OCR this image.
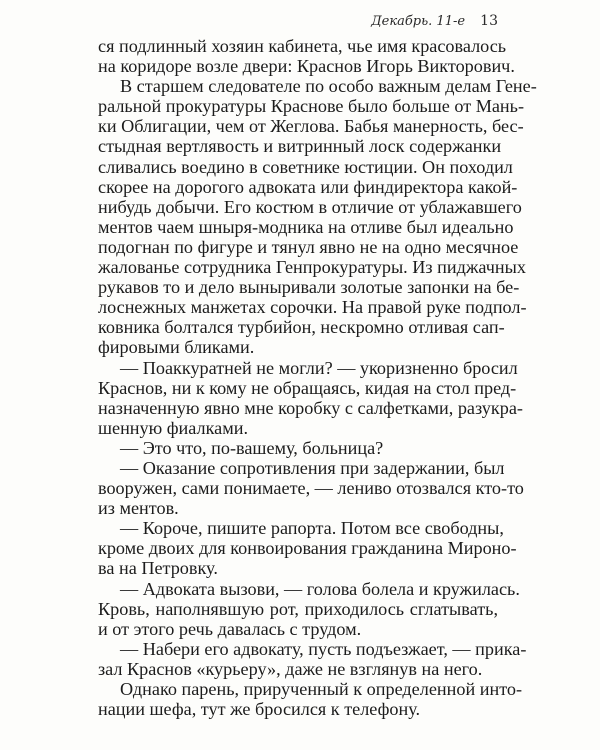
Декабрь. 11-е 13
ся подлинный хозяин кабинета, чье имя красовалось
на коридоре возле двери: Краснов Игорь Викторович.
В старшем следователе по особо важным делам Гене-
ральной прокуратуры Краснове было больше от Мань-
ки Облигации, чем от Жеглова. Бабья манерность, бес-
стыдная вертлявость и витринный лоск содержанки
сливались воедино в советнике юстиции. Он походил
скорее на дорогого адвоката или финдиректора какой-
нибудь добычи. Его костюм в отличие от ублажавшего
ментов чаем шныря-модника на отливе был идеально
подогнан по фигуре и тянул явно не на одно месячное
жалованье сотрудника Генпрокуратуры. Из пиджачных
рукавов то и дело выныривали золотые запонки на бе-
лоснежных манжетах сорочки. На правой руке подпол-
ковника болтался турбийон, нескромно отливая сап-
фировыми бликами.
— Поаккуратней не могли? — укоризненно бросил
Краснов, ни к кому не обращаясь, кидая на стол пред-
назначенную явно мне коробку с салфетками, разукра-
шенную фиалками.
— Это что, по-вашему, больница?
— Оказание сопротивления при задержании, был
вооружен, сами понимаете, — лениво отозвался кто-то
из ментов.
— Короче, пишите рапорта. Потом все свободны,
кроме двоих для конвоирования гражданина Мироно-
ва на Петровку.
— Адвоката вызови, — голова болела и кружилась.
Кровь, наполнявшую рот, приходилось сглатывать,
и от этого речь давалась с трудом.
— Набери его адвокату, пусть подъезжает, — прика-
зал Краснов «курьеру», даже не взглянув на него.
Однако парень, прирученный к определенной инто-
нации шефа, тут же бросился к телефону.
